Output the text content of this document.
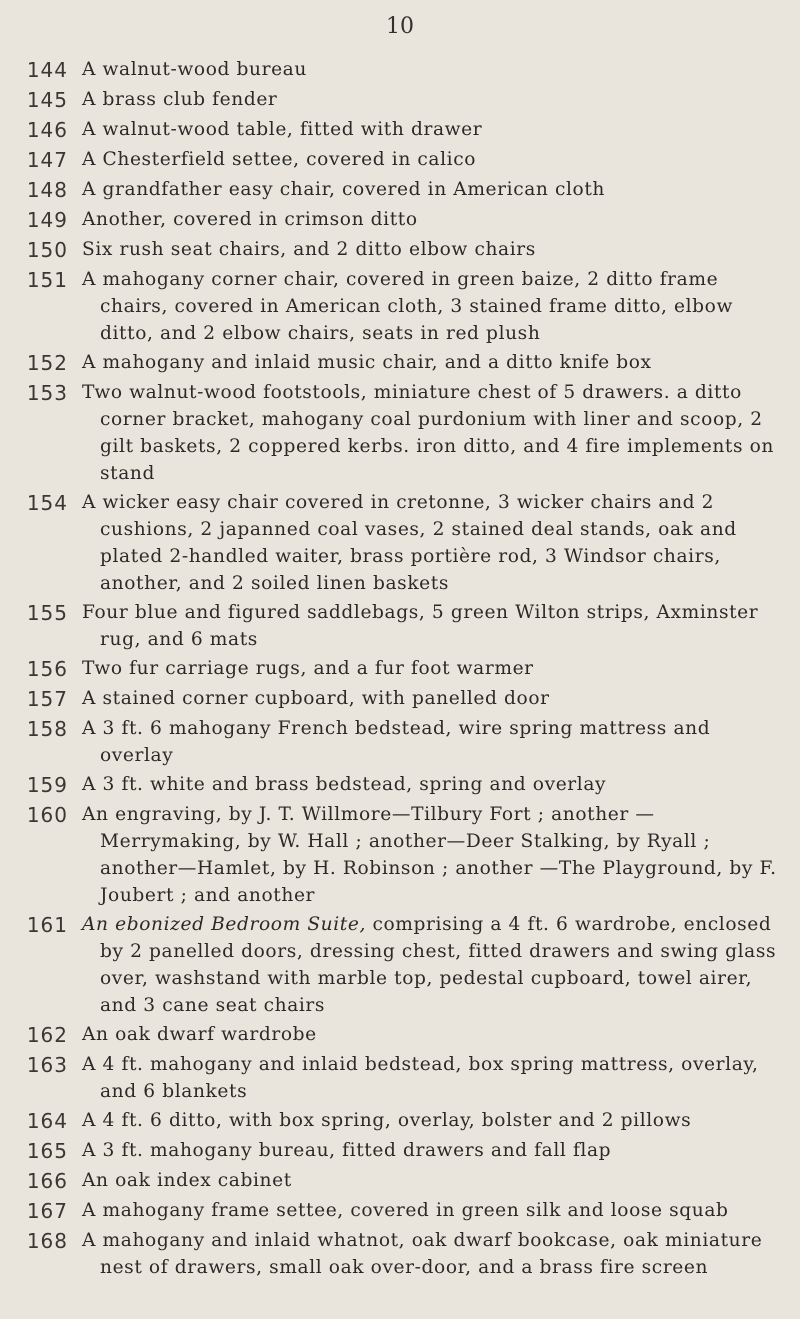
10
144 A walnut-wood bureau
145 A brass club fender
146 A walnut-wood table, fitted with drawer
147 A Chesterfield settee, covered in calico
148 A grandfather easy chair, covered in American cloth
149 Another, covered in crimson ditto
150 Six rush seat chairs, and 2 ditto elbow chairs
151 A mahogany corner chair, covered in green baize, 2 ditto frame chairs, covered in American cloth, 3 stained frame ditto, elbow ditto, and 2 elbow chairs, seats in red plush
152 A mahogany and inlaid music chair, and a ditto knife box
153 Two walnut-wood footstools, miniature chest of 5 drawers. a ditto corner bracket, mahogany coal purdonium with liner and scoop, 2 gilt baskets, 2 coppered kerbs. iron ditto, and 4 fire implements on stand
154 A wicker easy chair covered in cretonne, 3 wicker chairs and 2 cushions, 2 japanned coal vases, 2 stained deal stands, oak and plated 2-handled waiter, brass portière rod, 3 Windsor chairs, another, and 2 soiled linen baskets
155 Four blue and figured saddlebags, 5 green Wilton strips, Axminster rug, and 6 mats
156 Two fur carriage rugs, and a fur foot warmer
157 A stained corner cupboard, with panelled door
158 A 3 ft. 6 mahogany French bedstead, wire spring mattress and overlay
159 A 3 ft. white and brass bedstead, spring and overlay
160 An engraving, by J. T. Willmore—Tilbury Fort ; another —Merrymaking, by W. Hall ; another—Deer Stalking, by Ryall ; another—Hamlet, by H. Robinson ; another —The Playground, by F. Joubert ; and another
161 An ebonized Bedroom Suite, comprising a 4 ft. 6 wardrobe, enclosed by 2 panelled doors, dressing chest, fitted drawers and swing glass over, washstand with marble top, pedestal cupboard, towel airer, and 3 cane seat chairs
162 An oak dwarf wardrobe
163 A 4 ft. mahogany and inlaid bedstead, box spring mattress, overlay, and 6 blankets
164 A 4 ft. 6 ditto, with box spring, overlay, bolster and 2 pillows
165 A 3 ft. mahogany bureau, fitted drawers and fall flap
166 An oak index cabinet
167 A mahogany frame settee, covered in green silk and loose squab
168 A mahogany and inlaid whatnot, oak dwarf bookcase, oak miniature nest of drawers, small oak over-door, and a brass fire screen
